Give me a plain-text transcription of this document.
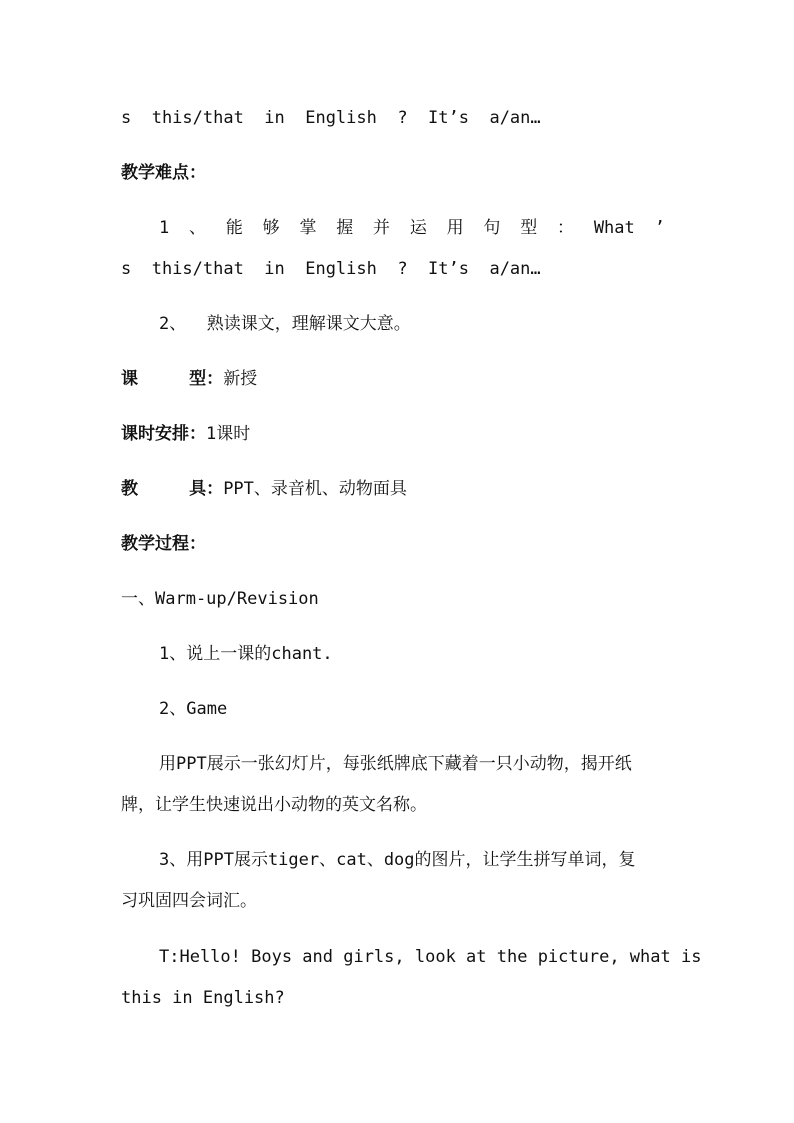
s  this/that  in  English  ?  It’s  a/an…
教学难点：
1 、 能 够 掌 握 并 运 用 句 型 ： What ’
s  this/that  in  English  ?  It’s  a/an…
2、  熟读课文，理解课文大意。
课     型：新授
课时安排：1课时
教     具：PPT、录音机、动物面具
教学过程：
一、Warm-up/Revision
1、说上一课的chant.
2、Game
用PPT展示一张幻灯片，每张纸牌底下藏着一只小动物，揭开纸
牌，让学生快速说出小动物的英文名称。
3、用PPT展示tiger、cat、dog的图片，让学生拼写单词，复
习巩固四会词汇。
T:Hello! Boys and girls, look at the picture, what is
this in English?
